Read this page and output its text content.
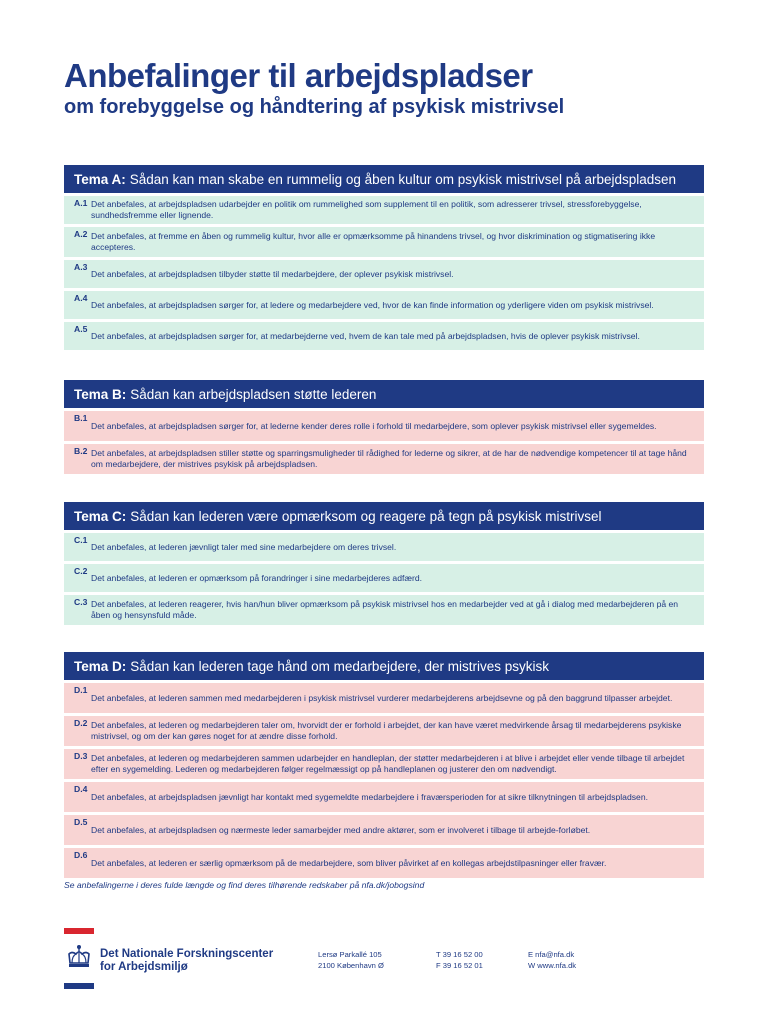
Anbefalinger til arbejdspladser
om forebyggelse og håndtering af psykisk mistrivsel
Tema A: Sådan kan man skabe en rummelig og åben kultur om psykisk mistrivsel på arbejdspladsen
A.1 Det anbefales, at arbejdspladsen udarbejder en politik om rummelighed som supplement til en politik, som adresserer trivsel, stressforebyggelse, sundhedsfremme eller lignende.
A.2 Det anbefales, at fremme en åben og rummelig kultur, hvor alle er opmærksomme på hinandens trivsel, og hvor diskrimination og stigmatisering ikke accepteres.
A.3
Det anbefales, at arbejdspladsen tilbyder støtte til medarbejdere, der oplever psykisk mistrivsel.
A.4
Det anbefales, at arbejdspladsen sørger for, at ledere og medarbejdere ved, hvor de kan finde information og yderligere viden om psykisk mistrivsel.
A.5
Det anbefales, at arbejdspladsen sørger for, at medarbejderne ved, hvem de kan tale med på arbejdspladsen, hvis de oplever psykisk mistrivsel.
Tema B: Sådan kan arbejdspladsen støtte lederen
B.1
Det anbefales, at arbejdspladsen sørger for, at lederne kender deres rolle i forhold til medarbejdere, som oplever psykisk mistrivsel eller sygemeldes.
B.2 Det anbefales, at arbejdspladsen stiller støtte og sparringsmuligheder til rådighed for lederne og sikrer, at de har de nødvendige kompetencer til at tage hånd om medarbejdere, der mistrives psykisk på arbejdspladsen.
Tema C: Sådan kan lederen være opmærksom og reagere på tegn på psykisk mistrivsel
C.1
Det anbefales, at lederen jævnligt taler med sine medarbejdere om deres trivsel.
C.2
Det anbefales, at lederen er opmærksom på forandringer i sine medarbejderes adfærd.
C.3 Det anbefales, at lederen reagerer, hvis han/hun bliver opmærksom på psykisk mistrivsel hos en medarbejder ved at gå i dialog med medarbejderen på en åben og hensynsfuld måde.
Tema D: Sådan kan lederen tage hånd om medarbejdere, der mistrives psykisk
D.1
Det anbefales, at lederen sammen med medarbejderen i psykisk mistrivsel vurderer medarbejderens arbejdsevne og på den baggrund tilpasser arbejdet.
D.2 Det anbefales, at lederen og medarbejderen taler om, hvorvidt der er forhold i arbejdet, der kan have været medvirkende årsag til medarbejderens psykiske mistrivsel, og om der kan gøres noget for at ændre disse forhold.
D.3 Det anbefales, at lederen og medarbejderen sammen udarbejder en handleplan, der støtter medarbejderen i at blive i arbejdet eller vende tilbage til arbejdet efter en sygemelding. Lederen og medarbejderen følger regelmæssigt op på handleplanen og justerer den om nødvendigt.
D.4
Det anbefales, at arbejdspladsen jævnligt har kontakt med sygemeldte medarbejdere i fraværsperioden for at sikre tilknytningen til arbejdspladsen.
D.5
Det anbefales, at arbejdspladsen og nærmeste leder samarbejder med andre aktører, som er involveret i tilbage til arbejde-forløbet.
D.6
Det anbefales, at lederen er særlig opmærksom på de medarbejdere, som bliver påvirket af en kollegas arbejdstilpasninger eller fravær.
Se anbefalingerne i deres fulde længde og find deres tilhørende redskaber på nfa.dk/jobogsind
Det Nationale Forskningscenter
for Arbejdsmiljø
Lersø Parkallé 105
2100 København Ø
T 39 16 52 00
F 39 16 52 01
E nfa@nfa.dk
W www.nfa.dk
